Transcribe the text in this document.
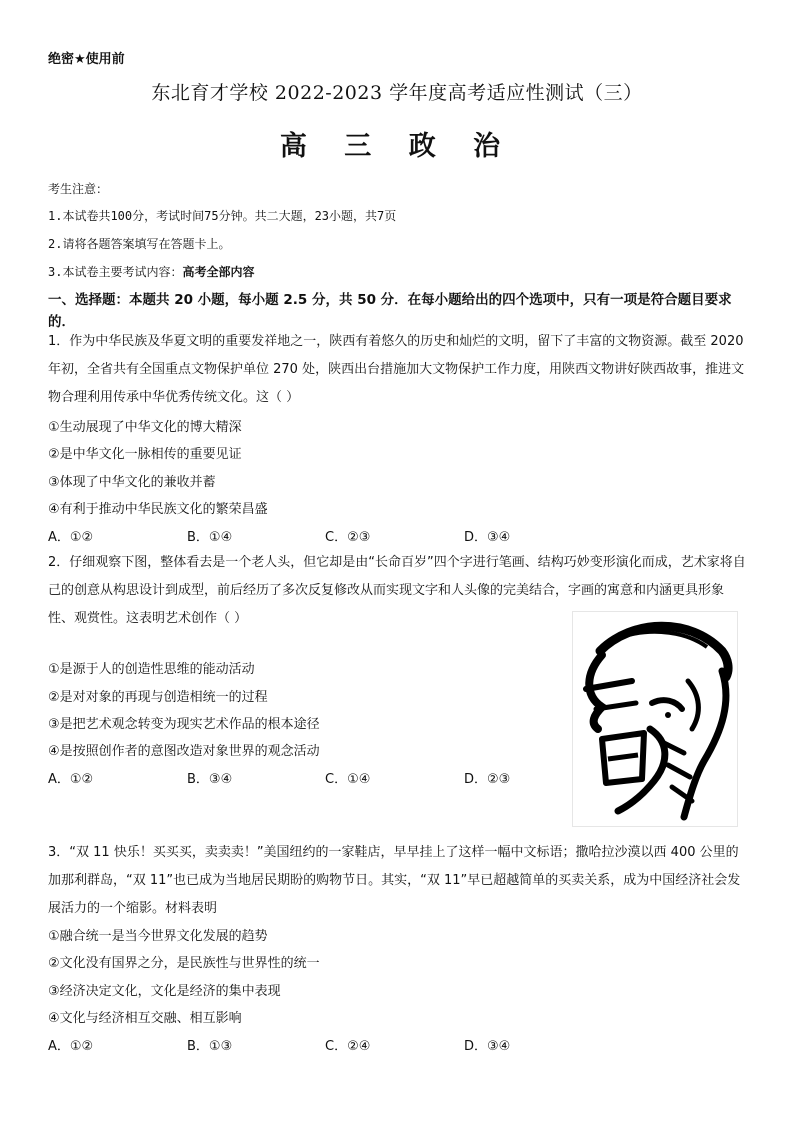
绝密★使用前
东北育才学校 2022-2023 学年度高考适应性测试（三）
高 三 政 治
考生注意：
1.本试卷共100分，考试时间75分钟。共二大题，23小题，共7页
2.请将各题答案填写在答题卡上。
3.本试卷主要考试内容：高考全部内容
一、选择题：本题共 20 小题，每小题 2.5 分，共 50 分．在每小题给出的四个选项中，只有一项是符合题目要求的．
1．作为中华民族及华夏文明的重要发祥地之一，陕西有着悠久的历史和灿烂的文明，留下了丰富的文物资源。截至 2020 年初，全省共有全国重点文物保护单位 270 处，陕西出台措施加大文物保护工作力度，用陕西文物讲好陕西故事，推进文物合理利用传承中华优秀传统文化。这（ ）
①生动展现了中华文化的博大精深
②是中华文化一脉相传的重要见证
③体现了中华文化的兼收并蓄
④有利于推动中华民族文化的繁荣昌盛
A．①②	B．①④	C．②③	D．③④
2．仔细观察下图，整体看去是一个老人头，但它却是由“长命百岁”四个字进行笔画、结构巧妙变形演化而成，艺术家将自己的创意从构思设计到成型，前后经历了多次反复修改从而实现文字和人头像的完美结合，字画的寓意和内涵更具形象性、观赏性。这表明艺术创作（ ）
①是源于人的创造性思维的能动活动
②是对对象的再现与创造相统一的过程
③是把艺术观念转变为现实艺术作品的根本途径
④是按照创作者的意图改造对象世界的观念活动
A．①②	B．③④	C．①④	D．②③
3．“双 11 快乐！买买买，卖卖卖！”美国纽约的一家鞋店，早早挂上了这样一幅中文标语；撒哈拉沙漠以西 400 公里的加那利群岛，“双 11”也已成为当地居民期盼的购物节日。其实，“双 11”早已超越简单的买卖关系，成为中国经济社会发展活力的一个缩影。材料表明
①融合统一是当今世界文化发展的趋势
②文化没有国界之分，是民族性与世界性的统一
③经济决定文化，文化是经济的集中表现
④文化与经济相互交融、相互影响
A．①②	B．①③	C．②④	D．③④
